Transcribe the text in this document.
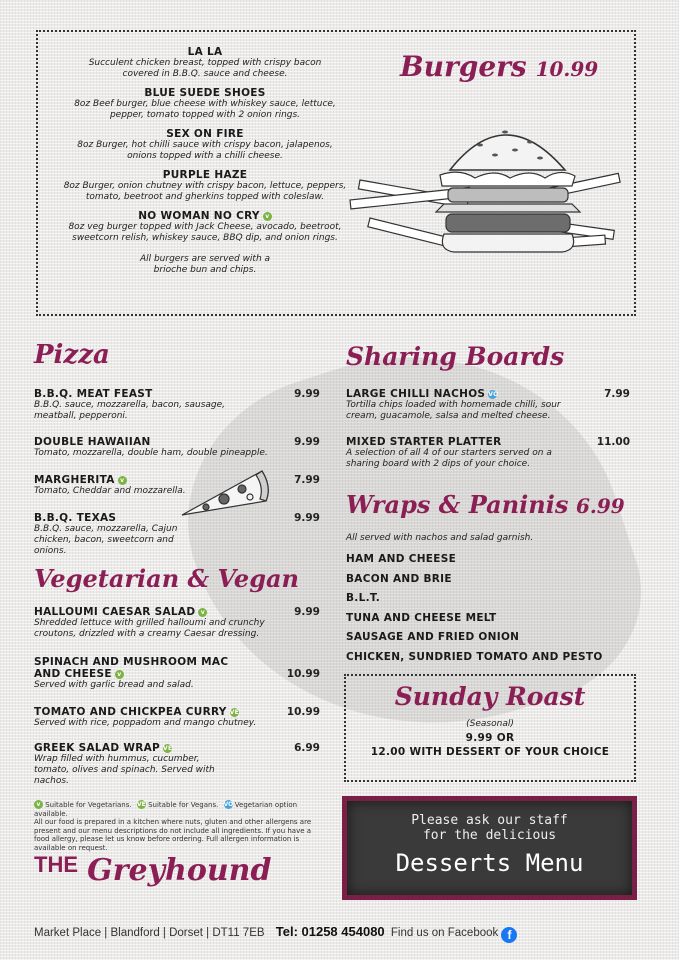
Burgers 10.99
LA LA
Succulent chicken breast, topped with crispy bacon covered in B.B.Q. sauce and cheese.
BLUE SUEDE SHOES
8oz Beef burger, blue cheese with whiskey sauce, lettuce, pepper, tomato topped with 2 onion rings.
SEX ON FIRE
8oz Burger, hot chilli sauce with crispy bacon, jalapenos, onions topped with a chilli cheese.
PURPLE HAZE
8oz Burger, onion chutney with crispy bacon, lettuce, peppers, tomato, beetroot and gherkins topped with coleslaw.
NO WOMAN NO CRY v
8oz veg burger topped with Jack Cheese, avocado, beetroot, sweetcorn relish, whiskey sauce, BBQ dip, and onion rings.
All burgers are served with a brioche bun and chips.
Pizza
B.B.Q. MEAT FEAST	9.99
B.B.Q. sauce, mozzarella, bacon, sausage, meatball, pepperoni.
DOUBLE HAWAIIAN	9.99
Tomato, mozzarella, double ham, double pineapple.
MARGHERITA v	7.99
Tomato, Cheddar and mozzarella.
B.B.Q. TEXAS	9.99
B.B.Q. sauce, mozzarella, Cajun chicken, bacon, sweetcorn and onions.
Vegetarian & Vegan
HALLOUMI CAESAR SALAD v	9.99
Shredded lettuce with grilled halloumi and crunchy croutons, drizzled with a creamy Caesar dressing.
SPINACH AND MUSHROOM MAC AND CHEESE v	10.99
Served with garlic bread and salad.
TOMATO AND CHICKPEA CURRY VE	10.99
Served with rice, poppadom and mango chutney.
GREEK SALAD WRAP VE	6.99
Wrap filled with hummus, cucumber, tomato, olives and spinach. Served with nachos.
v Suitable for Vegetarians. VE Suitable for Vegans. VO Vegetarian option available.
All our food is prepared in a kitchen where nuts, gluten and other allergens are present and our menu descriptions do not include all ingredients. If you have a food allergy, please let us know before ordering. Full allergen information is available on request.
THE Greyhound
Market Place | Blandford | Dorset | DT11 7EB Tel: 01258 454080 Find us on Facebook f
Sharing Boards
LARGE CHILLI NACHOS VO	7.99
Tortilla chips loaded with homemade chilli, sour cream, guacamole, salsa and melted cheese.
MIXED STARTER PLATTER	11.00
A selection of all 4 of our starters served on a sharing board with 2 dips of your choice.
Wraps & Paninis 6.99
All served with nachos and salad garnish.
HAM AND CHEESE
BACON AND BRIE
B.L.T.
TUNA AND CHEESE MELT
SAUSAGE AND FRIED ONION
CHICKEN, SUNDRIED TOMATO AND PESTO
Sunday Roast
(Seasonal)
9.99 OR
12.00 WITH DESSERT OF YOUR CHOICE
Please ask our staff
for the delicious
Desserts Menu
